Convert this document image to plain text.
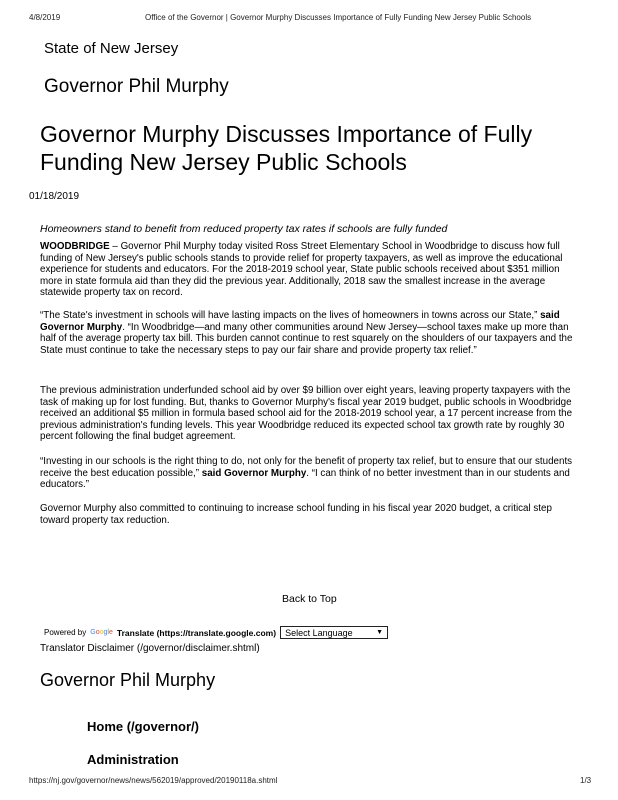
4/8/2019	Office of the Governor | Governor Murphy Discusses Importance of Fully Funding New Jersey Public Schools
State of New Jersey
Governor Phil Murphy
Governor Murphy Discusses Importance of Fully Funding New Jersey Public Schools
01/18/2019
Homeowners stand to benefit from reduced property tax rates if schools are fully funded
WOODBRIDGE – Governor Phil Murphy today visited Ross Street Elementary School in Woodbridge to discuss how full funding of New Jersey's public schools stands to provide relief for property taxpayers, as well as improve the educational experience for students and educators. For the 2018-2019 school year, State public schools received about $351 million more in state formula aid than they did the previous year. Additionally, 2018 saw the smallest increase in the average statewide property tax on record.
“The State's investment in schools will have lasting impacts on the lives of homeowners in towns across our State,” said Governor Murphy. “In Woodbridge—and many other communities around New Jersey—school taxes make up more than half of the average property tax bill. This burden cannot continue to rest squarely on the shoulders of our taxpayers and the State must continue to take the necessary steps to pay our fair share and provide property tax relief.”
The previous administration underfunded school aid by over $9 billion over eight years, leaving property taxpayers with the task of making up for lost funding. But, thanks to Governor Murphy's fiscal year 2019 budget, public schools in Woodbridge received an additional $5 million in formula based school aid for the 2018-2019 school year, a 17 percent increase from the previous administration's funding levels. This year Woodbridge reduced its expected school tax growth rate by roughly 30 percent following the final budget agreement.
“Investing in our schools is the right thing to do, not only for the benefit of property tax relief, but to ensure that our students receive the best education possible,” said Governor Murphy. “I can think of no better investment than in our students and educators.”
Governor Murphy also committed to continuing to increase school funding in his fiscal year 2020 budget, a critical step toward property tax reduction.
Back to Top
Powered by Google Translate (https://translate.google.com) Select Language	▼
Translator Disclaimer (/governor/disclaimer.shtml)
Governor Phil Murphy
Home (/governor/)
Administration
https://nj.gov/governor/news/news/562019/approved/20190118a.shtml	1/3
